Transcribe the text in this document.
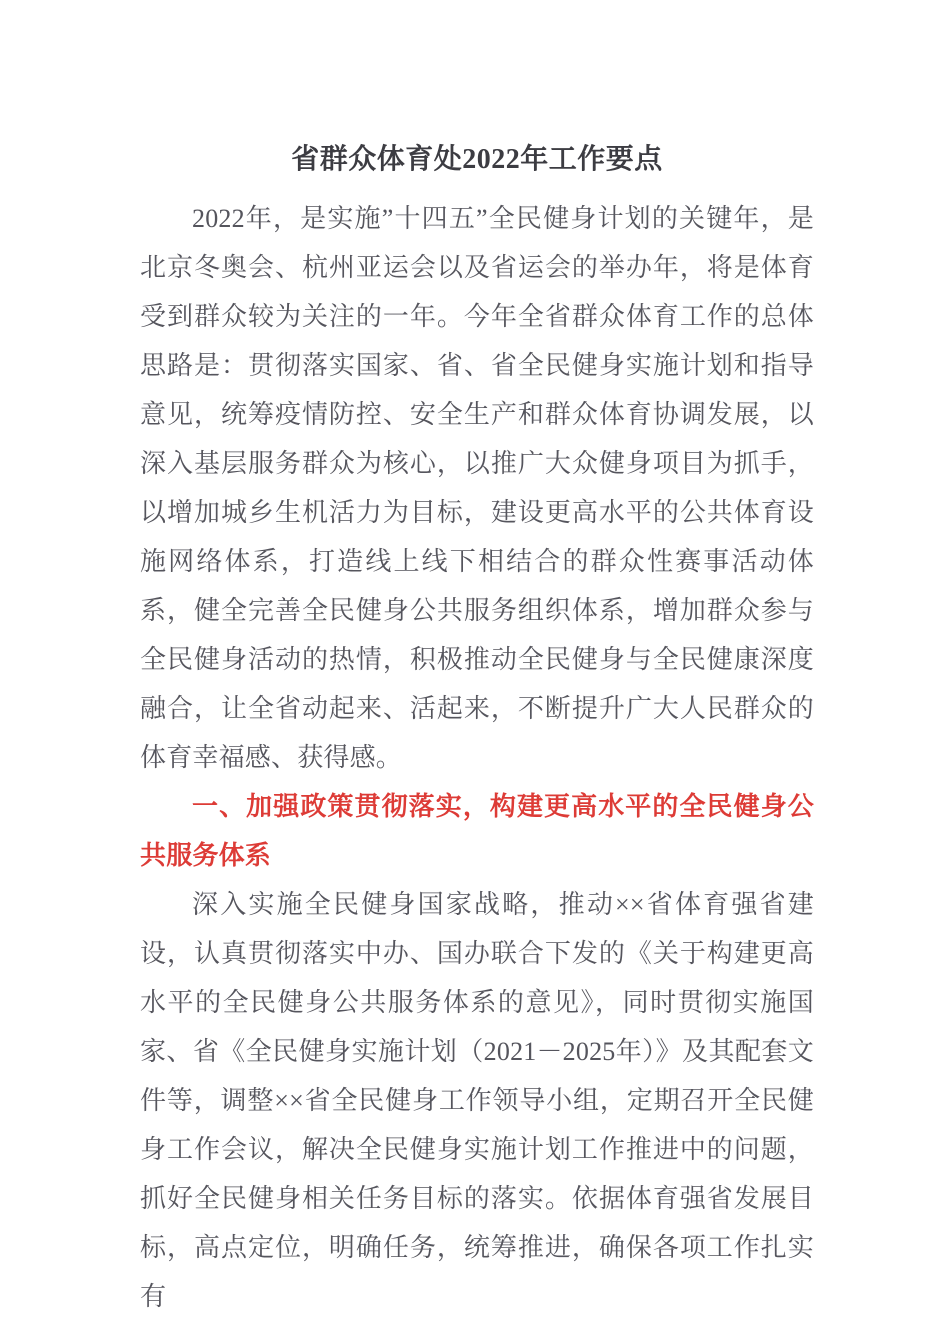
省群众体育处2022年工作要点

2022年，是实施”十四五”全民健身计划的关键年，是北京冬奥会、杭州亚运会以及省运会的举办年，将是体育受到群众较为关注的一年。今年全省群众体育工作的总体思路是：贯彻落实国家、省、省全民健身实施计划和指导意见，统筹疫情防控、安全生产和群众体育协调发展，以深入基层服务群众为核心，以推广大众健身项目为抓手，以增加城乡生机活力为目标，建设更高水平的公共体育设施网络体系，打造线上线下相结合的群众性赛事活动体系，健全完善全民健身公共服务组织体系，增加群众参与全民健身活动的热情，积极推动全民健身与全民健康深度融合，让全省动起来、活起来，不断提升广大人民群众的体育幸福感、获得感。

一、加强政策贯彻落实，构建更高水平的全民健身公共服务体系

深入实施全民健身国家战略，推动××省体育强省建设，认真贯彻落实中办、国办联合下发的《关于构建更高水平的全民健身公共服务体系的意见》，同时贯彻实施国家、省《全民健身实施计划（2021－2025年）》及其配套文件等，调整××省全民健身工作领导小组，定期召开全民健身工作会议，解决全民健身实施计划工作推进中的问题，抓好全民健身相关任务目标的落实。依据体育强省发展目标，高点定位，明确任务，统筹推进，确保各项工作扎实有
